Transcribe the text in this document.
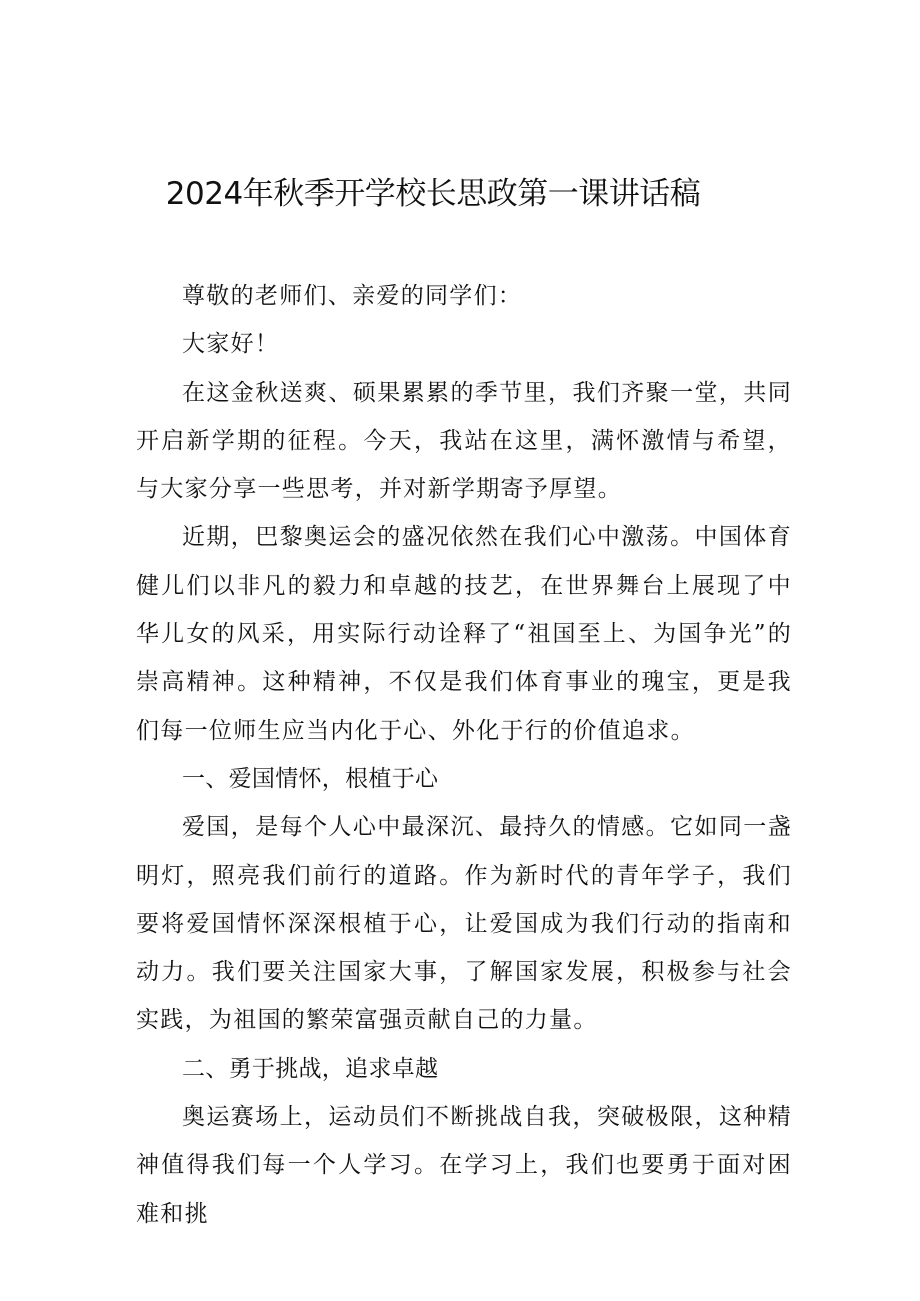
2024年秋季开学校长思政第一课讲话稿

尊敬的老师们、亲爱的同学们：

大家好！

在这金秋送爽、硕果累累的季节里，我们齐聚一堂，共同开启新学期的征程。今天，我站在这里，满怀激情与希望，与大家分享一些思考，并对新学期寄予厚望。

近期，巴黎奥运会的盛况依然在我们心中激荡。中国体育健儿们以非凡的毅力和卓越的技艺，在世界舞台上展现了中华儿女的风采，用实际行动诠释了“祖国至上、为国争光”的崇高精神。这种精神，不仅是我们体育事业的瑰宝，更是我们每一位师生应当内化于心、外化于行的价值追求。

一、爱国情怀，根植于心

爱国，是每个人心中最深沉、最持久的情感。它如同一盏明灯，照亮我们前行的道路。作为新时代的青年学子，我们要将爱国情怀深深根植于心，让爱国成为我们行动的指南和动力。我们要关注国家大事，了解国家发展，积极参与社会实践，为祖国的繁荣富强贡献自己的力量。

二、勇于挑战，追求卓越

奥运赛场上，运动员们不断挑战自我，突破极限，这种精神值得我们每一个人学习。在学习上，我们也要勇于面对困难和挑
